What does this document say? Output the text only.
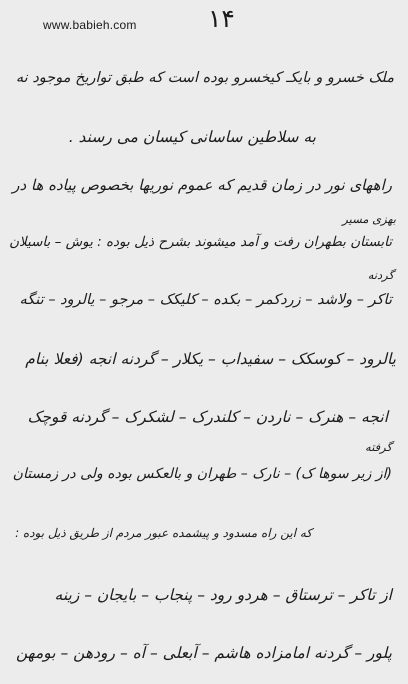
www.babieh.com	۱۴
ملک خسرو و بایکـ کیخسرو بوده است که طبق تواریخ موجود نه
به سلاطین ساسانی کیسان می رسند .
راههای نور در زمان قدیم که عموم نوریها بخصوص پیاده ها در
بهزی مسیر
تابستان بطهران رفت و آمد میشوند بشرح ذیل بوده : یوش – باسیلان
گردنه
تاکر – ولاشد – زردکمر – بکده – کلیکک – مرجو – یالرود – تنگه
یالرود – کوسکک – سفیداب – یکلار – گردنه انجه (فعلا بنام
انجه – هنرک – ناردن – کلندرک – لشکرک – گردنه قوچک
گرفته
(از زیر سوها ک) – نارک – طهران و بالعکس بوده ولی در زمستان
که این راه مسدود و پیشمده عبور مردم از طریق ذیل بوده :
از تاکر – ترستاق – هردو رود – پنجاب – بایجان – زینه
پلور – گردنه امامزاده هاشم – آبعلی – آه – رودهن – بومهن
